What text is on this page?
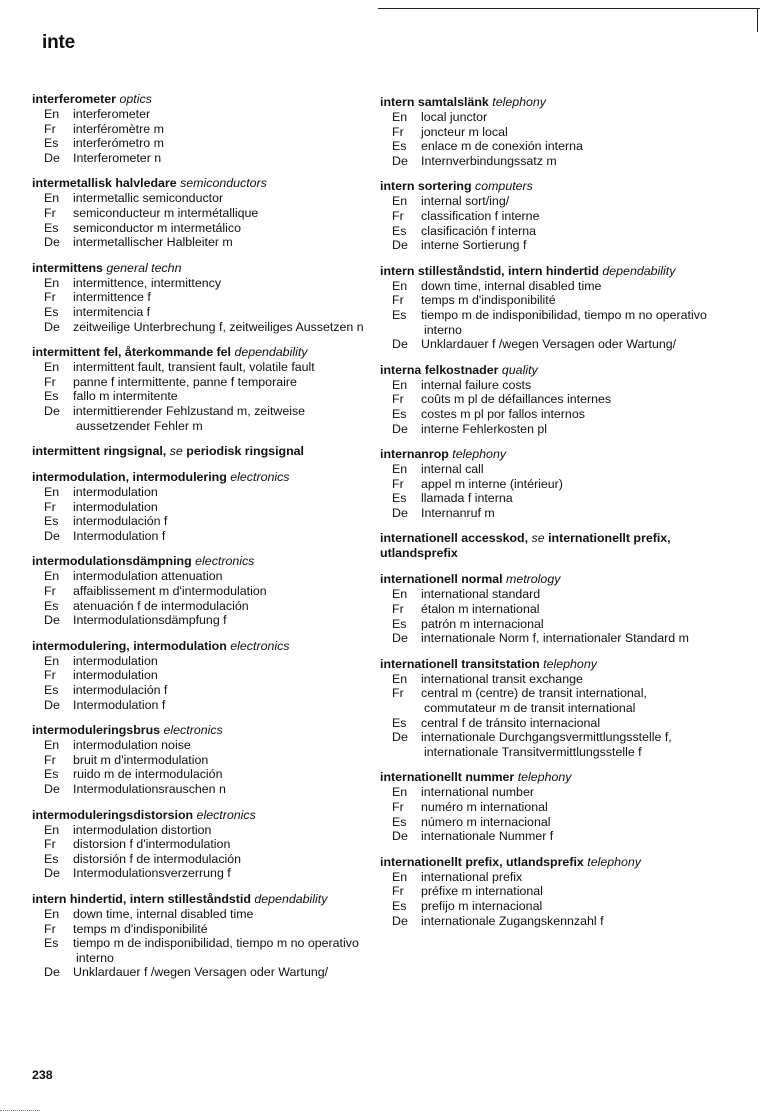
inte
interferometer optics
En interferometer
Fr interféromètre m
Es interferómetro m
De Interferometer n
intermetallisk halvledare semiconductors
En intermetallic semiconductor
Fr semiconducteur m intermétallique
Es semiconductor m intermetálico
De intermetallischer Halbleiter m
intermittens general techn
En intermittence, intermittency
Fr intermittence f
Es intermitencia f
De zeitweilige Unterbrechung f, zeitweiliges Aussetzen n
intermittent fel, återkommande fel dependability
En intermittent fault, transient fault, volatile fault
Fr panne f intermittente, panne f temporaire
Es fallo m intermitente
De intermittierender Fehlzustand m, zeitweise aussetzender Fehler m
intermittent ringsignal, se periodisk ringsignal
intermodulation, intermodulering electronics
En intermodulation
Fr intermodulation
Es intermodulación f
De Intermodulation f
intermodulationsdämpning electronics
En intermodulation attenuation
Fr affaiblissement m d'intermodulation
Es atenuación f de intermodulación
De Intermodulationsdämpfung f
intermodulering, intermodulation electronics
En intermodulation
Fr intermodulation
Es intermodulación f
De Intermodulation f
intermoduleringsbrus electronics
En intermodulation noise
Fr bruit m d'intermodulation
Es ruido m de intermodulación
De Intermodulationsrauschen n
intermoduleringsdistorsion electronics
En intermodulation distortion
Fr distorsion f d'intermodulation
Es distorsión f de intermodulación
De Intermodulationsverzerrung f
intern hindertid, intern stilleståndstid dependability
En down time, internal disabled time
Fr temps m d'indisponibilité
Es tiempo m de indisponibilidad, tiempo m no operativo interno
De Unklardauer f /wegen Versagen oder Wartung/
intern samtalslänk telephony
En local junctor
Fr joncteur m local
Es enlace m de conexión interna
De Internverbindungssatz m
intern sortering computers
En internal sort/ing/
Fr classification f interne
Es clasificación f interna
De interne Sortierung f
intern stilleståndstid, intern hindertid dependability
En down time, internal disabled time
Fr temps m d'indisponibilité
Es tiempo m de indisponibilidad, tiempo m no operativo interno
De Unklardauer f /wegen Versagen oder Wartung/
interna felkostnader quality
En internal failure costs
Fr coûts m pl de défaillances internes
Es costes m pl por fallos internos
De interne Fehlerkosten pl
internanrop telephony
En internal call
Fr appel m interne (intérieur)
Es llamada f interna
De Internanruf m
internationell accesskod, se internationellt prefix, utlandsprefix
internationell normal metrology
En international standard
Fr étalon m international
Es patrón m internacional
De internationale Norm f, internationaler Standard m
internationell transitstation telephony
En international transit exchange
Fr central m (centre) de transit international, commutateur m de transit international
Es central f de tránsito internacional
De internationale Durchgangsvermittlungsstelle f, internationale Transitvermittlungsstelle f
internationellt nummer telephony
En international number
Fr numéro m international
Es número m internacional
De internationale Nummer f
internationellt prefix, utlandsprefix telephony
En international prefix
Fr préfixe m international
Es prefijo m internacional
De internationale Zugangskennzahl f
238
